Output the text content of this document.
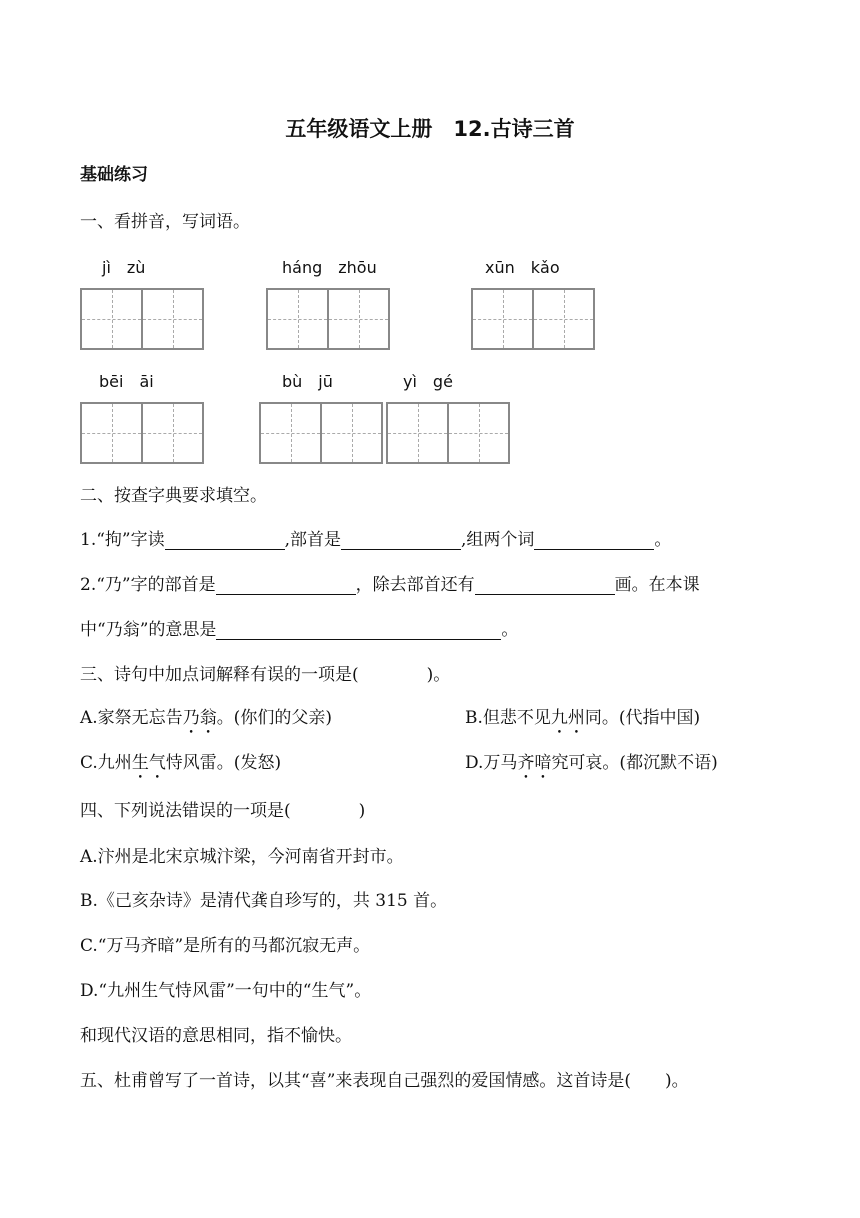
五年级语文上册　12.古诗三首
基础练习
一、看拼音，写词语。
jì　zù	háng　zhōu	xūn　kǎo
bēi　āi	bù　jū	yì　gé
二、按查字典要求填空。
1.“拘”字读	,部首是	,组两个词	。
2.“乃”字的部首是	，除去部首还有	画。在本课
中“乃翁”的意思是	。
三、诗句中加点词解释有误的一项是(　　　　)。
A.家祭无忘告乃翁。(你们的父亲)	B.但悲不见九州同。(代指中国)
C.九州生气恃风雷。(发怒)	D.万马齐喑究可哀。(都沉默不语)
四、下列说法错误的一项是(　　　　)
A.汴州是北宋京城汴梁，今河南省开封市。
B.《己亥杂诗》是清代龚自珍写的，共 315 首。
C.“万马齐暗”是所有的马都沉寂无声。
D.“九州生气恃风雷”一句中的“生气”。
和现代汉语的意思相同，指不愉快。
五、杜甫曾写了一首诗，以其“喜”来表现自己强烈的爱国情感。这首诗是(　　)。
